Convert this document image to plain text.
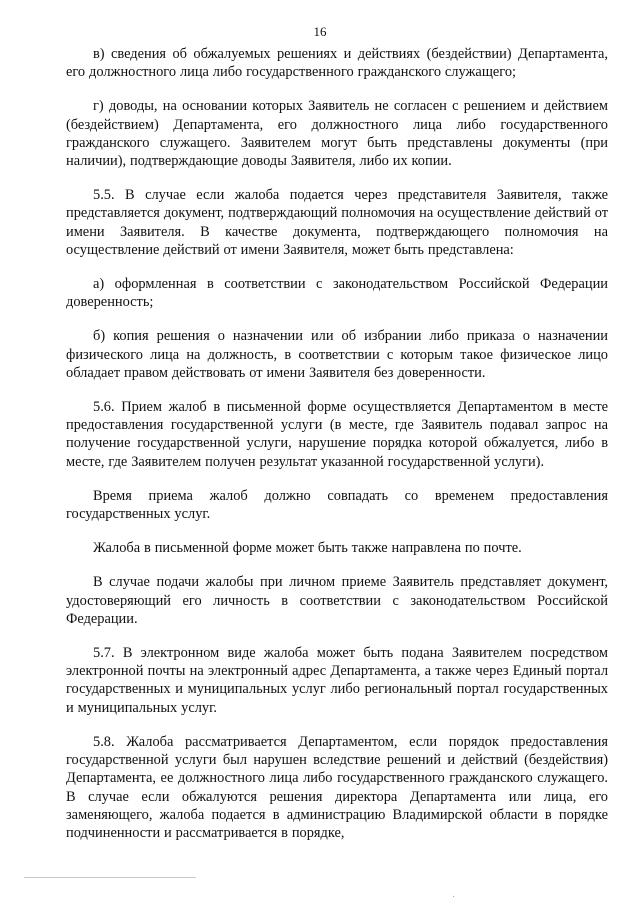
16

в) сведения об обжалуемых решениях и действиях (бездействии) Департамента, его должностного лица либо государственного гражданского служащего;

г) доводы, на основании которых Заявитель не согласен с решением и действием (бездействием) Департамента, его должностного лица либо государственного гражданского служащего. Заявителем могут быть представлены документы (при наличии), подтверждающие доводы Заявителя, либо их копии.

5.5. В случае если жалоба подается через представителя Заявителя, также представляется документ, подтверждающий полномочия на осуществление действий от имени Заявителя. В качестве документа, подтверждающего полномочия на осуществление действий от имени Заявителя, может быть представлена:

а) оформленная в соответствии с законодательством Российской Федерации доверенность;

б) копия решения о назначении или об избрании либо приказа о назначении физического лица на должность, в соответствии с которым такое физическое лицо обладает правом действовать от имени Заявителя без доверенности.

5.6. Прием жалоб в письменной форме осуществляется Департаментом в месте предоставления государственной услуги (в месте, где Заявитель подавал запрос на получение государственной услуги, нарушение порядка которой обжалуется, либо в месте, где Заявителем получен результат указанной государственной услуги).

Время приема жалоб должно совпадать со временем предоставления государственных услуг.

Жалоба в письменной форме может быть также направлена по почте.

В случае подачи жалобы при личном приеме Заявитель представляет документ, удостоверяющий его личность в соответствии с законодательством Российской Федерации.

5.7. В электронном виде жалоба может быть подана Заявителем посредством электронной почты на электронный адрес Департамента, а также через Единый портал государственных и муниципальных услуг либо региональный портал государственных и муниципальных услуг.

5.8. Жалоба рассматривается Департаментом, если порядок предоставления государственной услуги был нарушен вследствие решений и действий (бездействия) Департамента, ее должностного лица либо государственного гражданского служащего. В случае если обжалуются решения директора Департамента или лица, его заменяющего, жалоба подается в администрацию Владимирской области в порядке подчиненности и рассматривается в порядке,

·
